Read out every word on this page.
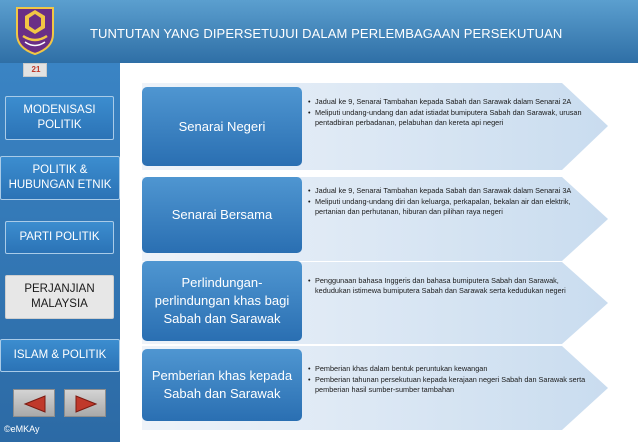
TUNTUTAN YANG DIPERSETUJUI DALAM PERLEMBAGAAN PERSEKUTUAN
21
MODENISASI POLITIK
POLITIK & HUBUNGAN ETNIK
PARTI POLITIK
PERJANJIAN MALAYSIA
ISLAM & POLITIK
©eMKAy
Senarai Negeri
• Jadual ke 9, Senarai Tambahan kepada Sabah dan Sarawak dalam Senarai 2A
• Meliputi undang-undang dan adat istiadat bumiputera Sabah dan Sarawak, urusan pentadbiran perbadanan, pelabuhan dan kereta api negeri
Senarai Bersama
• Jadual ke 9, Senarai Tambahan kepada Sabah dan Sarawak dalam Senarai 3A
• Meliputi undang-undang diri dan keluarga, perkapalan, bekalan air dan elektrik, pertanian dan perhutanan, hiburan dan pilihan raya negeri
Perlindungan-perlindungan khas bagi Sabah dan Sarawak
• Penggunaan bahasa Inggeris dan bahasa bumiputera Sabah dan Sarawak, kedudukan istimewa bumiputera Sabah dan Sarawak serta kedudukan negeri
Pemberian khas kepada Sabah dan Sarawak
• Pemberian khas dalam bentuk peruntukan kewangan
• Pemberian tahunan persekutuan kepada kerajaan negeri Sabah dan Sarawak serta pemberian hasil sumber-sumber tambahan
